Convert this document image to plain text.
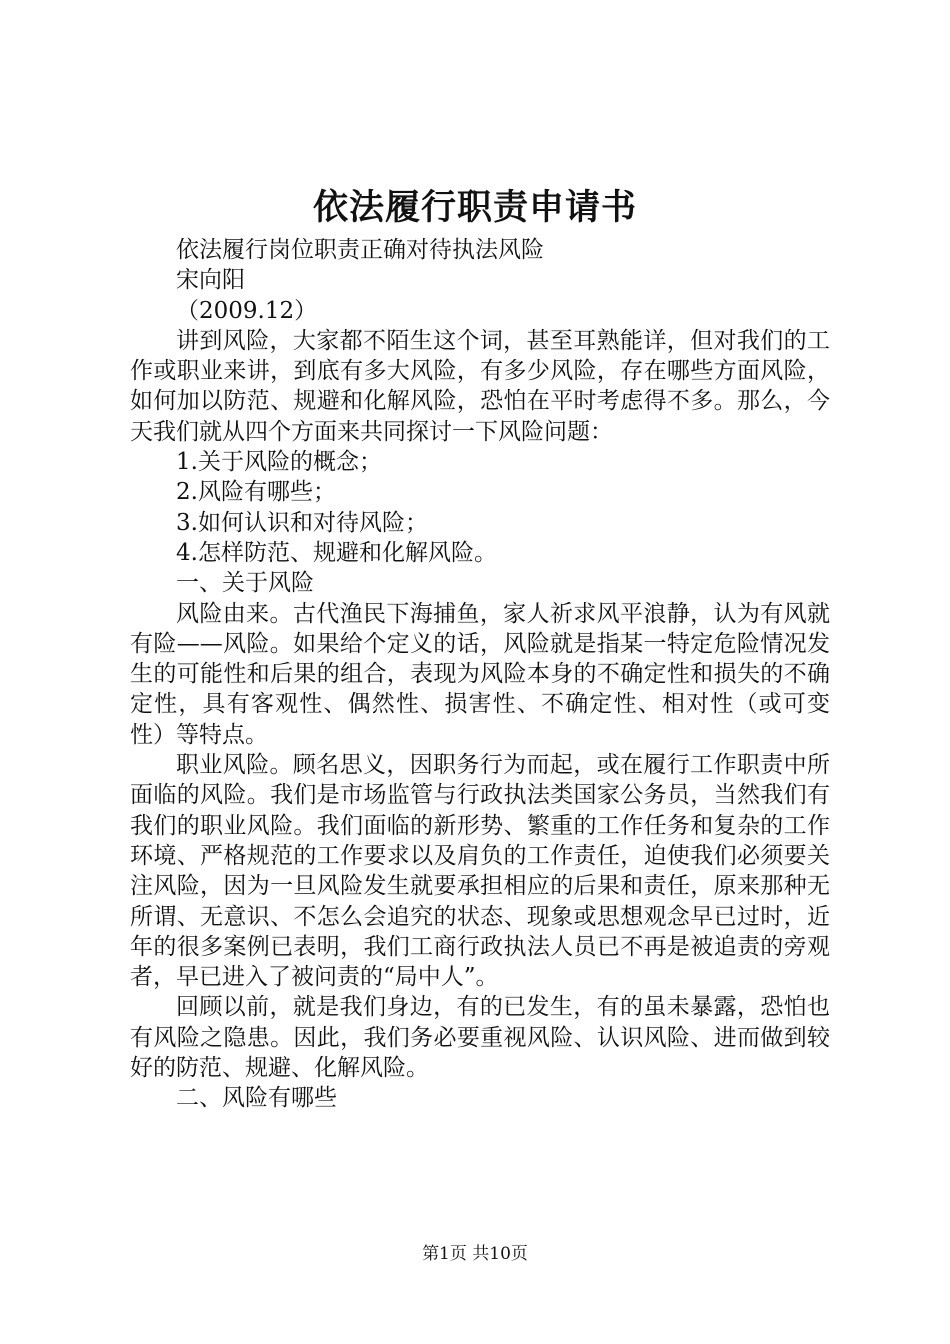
依法履行职责申请书

依法履行岗位职责正确对待执法风险

宋向阳

（2009.12）

讲到风险，大家都不陌生这个词，甚至耳熟能详，但对我们的工作或职业来讲，到底有多大风险，有多少风险，存在哪些方面风险，如何加以防范、规避和化解风险，恐怕在平时考虑得不多。那么，今天我们就从四个方面来共同探讨一下风险问题：

1.关于风险的概念；

2.风险有哪些；

3.如何认识和对待风险；

4.怎样防范、规避和化解风险。

一、关于风险

风险由来。古代渔民下海捕鱼，家人祈求风平浪静，认为有风就有险——风险。如果给个定义的话，风险就是指某一特定危险情况发生的可能性和后果的组合，表现为风险本身的不确定性和损失的不确定性，具有客观性、偶然性、损害性、不确定性、相对性（或可变性）等特点。

职业风险。顾名思义，因职务行为而起，或在履行工作职责中所面临的风险。我们是市场监管与行政执法类国家公务员，当然我们有我们的职业风险。我们面临的新形势、繁重的工作任务和复杂的工作环境、严格规范的工作要求以及肩负的工作责任，迫使我们必须要关注风险，因为一旦风险发生就要承担相应的后果和责任，原来那种无所谓、无意识、不怎么会追究的状态、现象或思想观念早已过时，近年的很多案例已表明，我们工商行政执法人员已不再是被追责的旁观者，早已进入了被问责的“局中人”。

回顾以前，就是我们身边，有的已发生，有的虽未暴露，恐怕也有风险之隐患。因此，我们务必要重视风险、认识风险、进而做到较好的防范、规避、化解风险。

二、风险有哪些

第1页 共10页
